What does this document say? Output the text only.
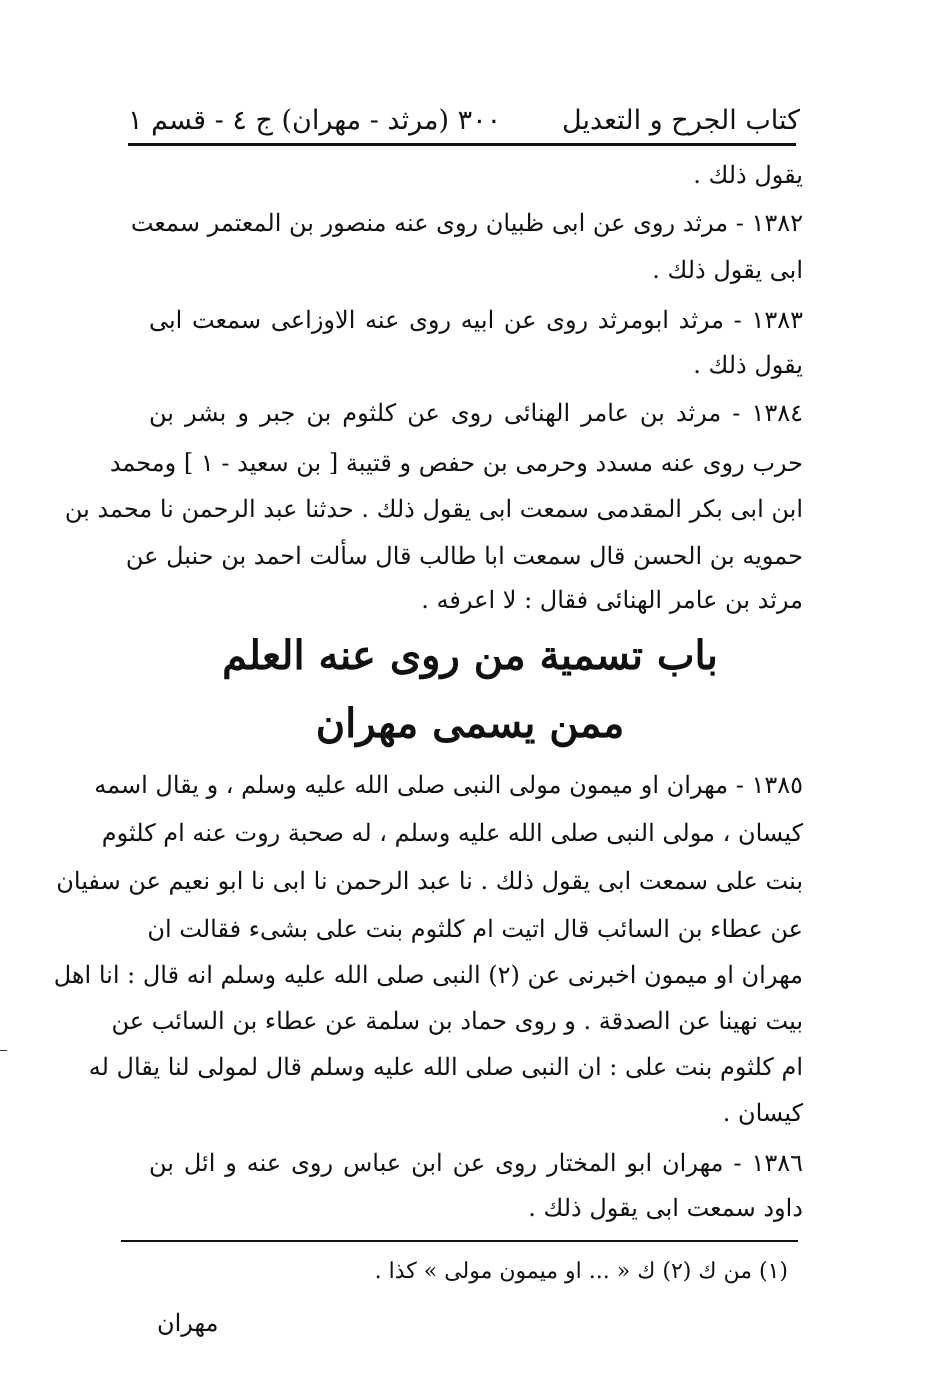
كتاب الجرح و التعديل
٣٠٠ (مرثد - مهران) ج ٤ - قسم ١
يقول ذلك .
١٣٨٢ - مرثد روى عن ابى ظبيان روى عنه منصور بن المعتمر سمعت
ابى يقول ذلك .
١٣٨٣ - مرثد ابومرثد روى عن ابيه روى عنه الاوزاعى سمعت ابى
يقول ذلك .
١٣٨٤ - مرثد بن عامر الهنائى روى عن كلثوم بن جبر و بشر بن
حرب روى عنه مسدد وحرمى بن حفص و قتيبة [ بن سعيد - ١ ] ومحمد
ابن ابى بكر المقدمى سمعت ابى يقول ذلك . حدثنا عبد الرحمن نا محمد بن
حمويه بن الحسن قال سمعت ابا طالب قال سألت احمد بن حنبل عن
مرثد بن عامر الهنائى فقال : لا اعرفه .
باب تسمية من روى عنه العلم
ممن يسمى مهران
١٣٨٥ - مهران او ميمون مولى النبى صلى الله عليه وسلم ، و يقال اسمه
كيسان ، مولى النبى صلى الله عليه وسلم ، له صحبة روت عنه ام كلثوم
بنت على سمعت ابى يقول ذلك . نا عبد الرحمن نا ابى نا ابو نعيم عن سفيان
عن عطاء بن السائب قال اتيت ام كلثوم بنت على بشىء فقالت ان
مهران او ميمون اخبرنى عن (٢) النبى صلى الله عليه وسلم انه قال : انا اهل
بيت نهينا عن الصدقة . و روى حماد بن سلمة عن عطاء بن السائب عن
ام كلثوم بنت على : ان النبى صلى الله عليه وسلم قال لمولى لنا يقال له
كيسان .
١٣٨٦ - مهران ابو المختار روى عن ابن عباس روى عنه و ائل بن
داود سمعت ابى يقول ذلك .
(١) من ك (٢) ك « ... او ميمون مولى » كذا .
مهران
